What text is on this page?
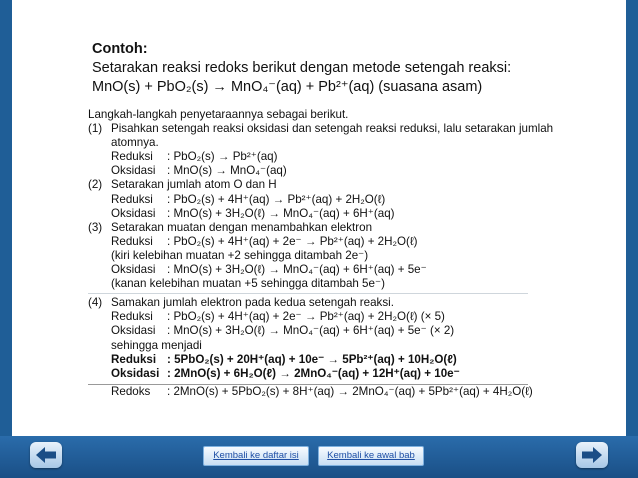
Contoh:
Setarakan reaksi redoks berikut dengan metode setengah reaksi:
MnO(s) + PbO₂(s) → MnO₄⁻(aq) + Pb²⁺(aq) (suasana asam)
Langkah-langkah penyetaraannya sebagai berikut.
(1) Pisahkan setengah reaksi oksidasi dan setengah reaksi reduksi, lalu setarakan jumlah
atomnya.
Reduksi : PbO₂(s) → Pb²⁺(aq)
Oksidasi : MnO(s) → MnO₄⁻(aq)
(2) Setarakan jumlah atom O dan H
Reduksi : PbO₂(s) + 4H⁺(aq) → Pb²⁺(aq) + 2H₂O(ℓ)
Oksidasi : MnO(s) + 3H₂O(ℓ) → MnO₄⁻(aq) + 6H⁺(aq)
(3) Setarakan muatan dengan menambahkan elektron
Reduksi : PbO₂(s) + 4H⁺(aq) + 2e⁻ → Pb²⁺(aq) + 2H₂O(ℓ)
(kiri kelebihan muatan +2 sehingga ditambah 2e⁻)
Oksidasi : MnO(s) + 3H₂O(ℓ) → MnO₄⁻(aq) + 6H⁺(aq) + 5e⁻
(kanan kelebihan muatan +5 sehingga ditambah 5e⁻)
(4) Samakan jumlah elektron pada kedua setengah reaksi.
Reduksi : PbO₂(s) + 4H⁺(aq) + 2e⁻ → Pb²⁺(aq) + 2H₂O(ℓ) (× 5)
Oksidasi : MnO(s) + 3H₂O(ℓ) → MnO₄⁻(aq) + 6H⁺(aq) + 5e⁻ (× 2)
sehingga menjadi
Reduksi : 5PbO₂(s) + 20H⁺(aq) + 10e⁻ → 5Pb²⁺(aq) + 10H₂O(ℓ)
Oksidasi : 2MnO(s) + 6H₂O(ℓ) → 2MnO₄⁻(aq) + 12H⁺(aq) + 10e⁻
Redoks : 2MnO(s) + 5PbO₂(s) + 8H⁺(aq) → 2MnO₄⁻(aq) + 5Pb²⁺(aq) + 4H₂O(ℓ)
Kembali ke daftar isi	Kembali ke awal bab
